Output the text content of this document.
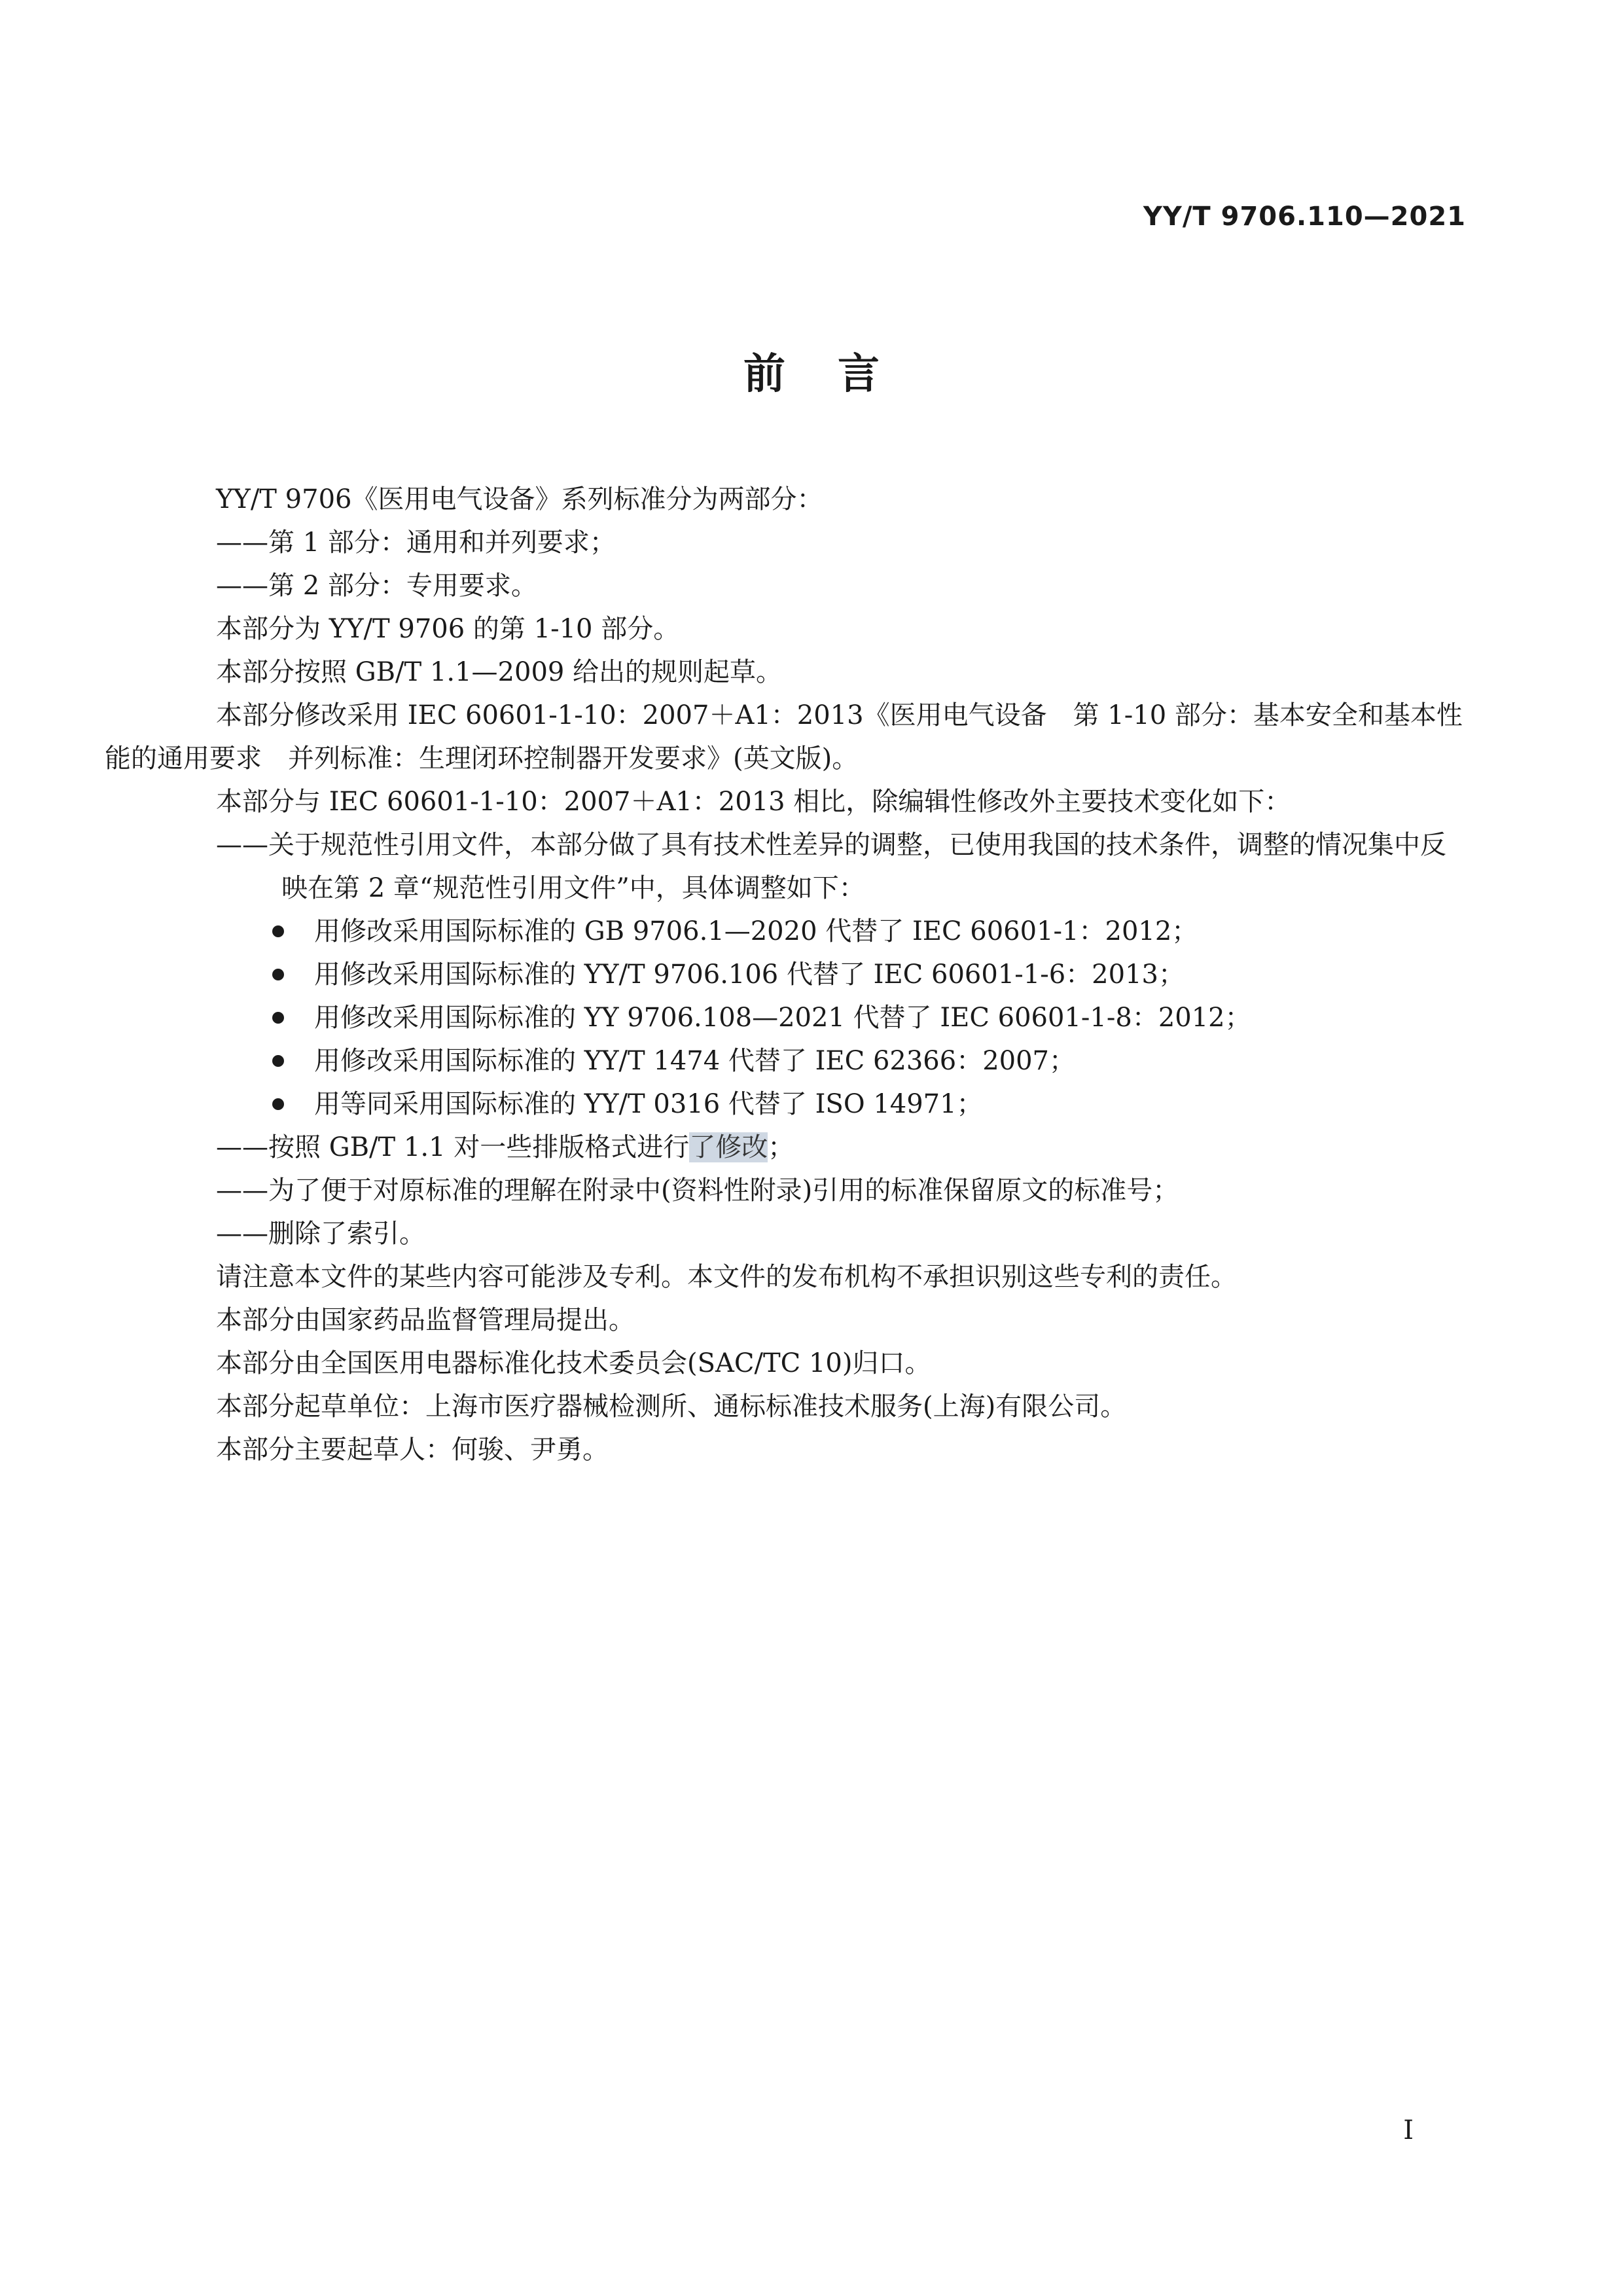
YY/T 9706.110—2021
前言

YY/T 9706《医用电气设备》系列标准分为两部分：

——第 1 部分：通用和并列要求；

——第 2 部分：专用要求。

本部分为 YY/T 9706 的第 1-10 部分。

本部分按照 GB/T 1.1—2009 给出的规则起草。

本部分修改采用 IEC 60601-1-10：2007＋A1：2013《医用电气设备　第 1-10 部分：基本安全和基本性能的通用要求　并列标准：生理闭环控制器开发要求》(英文版)。

本部分与 IEC 60601-1-10：2007＋A1：2013 相比，除编辑性修改外主要技术变化如下：

——关于规范性引用文件，本部分做了具有技术性差异的调整，已使用我国的技术条件，调整的情况集中反映在第 2 章“规范性引用文件”中，具体调整如下：

用修改采用国际标准的 GB 9706.1—2020 代替了 IEC 60601-1：2012；

用修改采用国际标准的 YY/T 9706.106 代替了 IEC 60601-1-6：2013；

用修改采用国际标准的 YY 9706.108—2021 代替了 IEC 60601-1-8：2012；

用修改采用国际标准的 YY/T 1474 代替了 IEC 62366：2007；

用等同采用国际标准的 YY/T 0316 代替了 ISO 14971；

——按照 GB/T 1.1 对一些排版格式进行了修改；

——为了便于对原标准的理解在附录中(资料性附录)引用的标准保留原文的标准号；

——删除了索引。

请注意本文件的某些内容可能涉及专利。本文件的发布机构不承担识别这些专利的责任。

本部分由国家药品监督管理局提出。

本部分由全国医用电器标准化技术委员会(SAC/TC 10)归口。

本部分起草单位：上海市医疗器械检测所、通标标准技术服务(上海)有限公司。

本部分主要起草人：何骏、尹勇。

I
